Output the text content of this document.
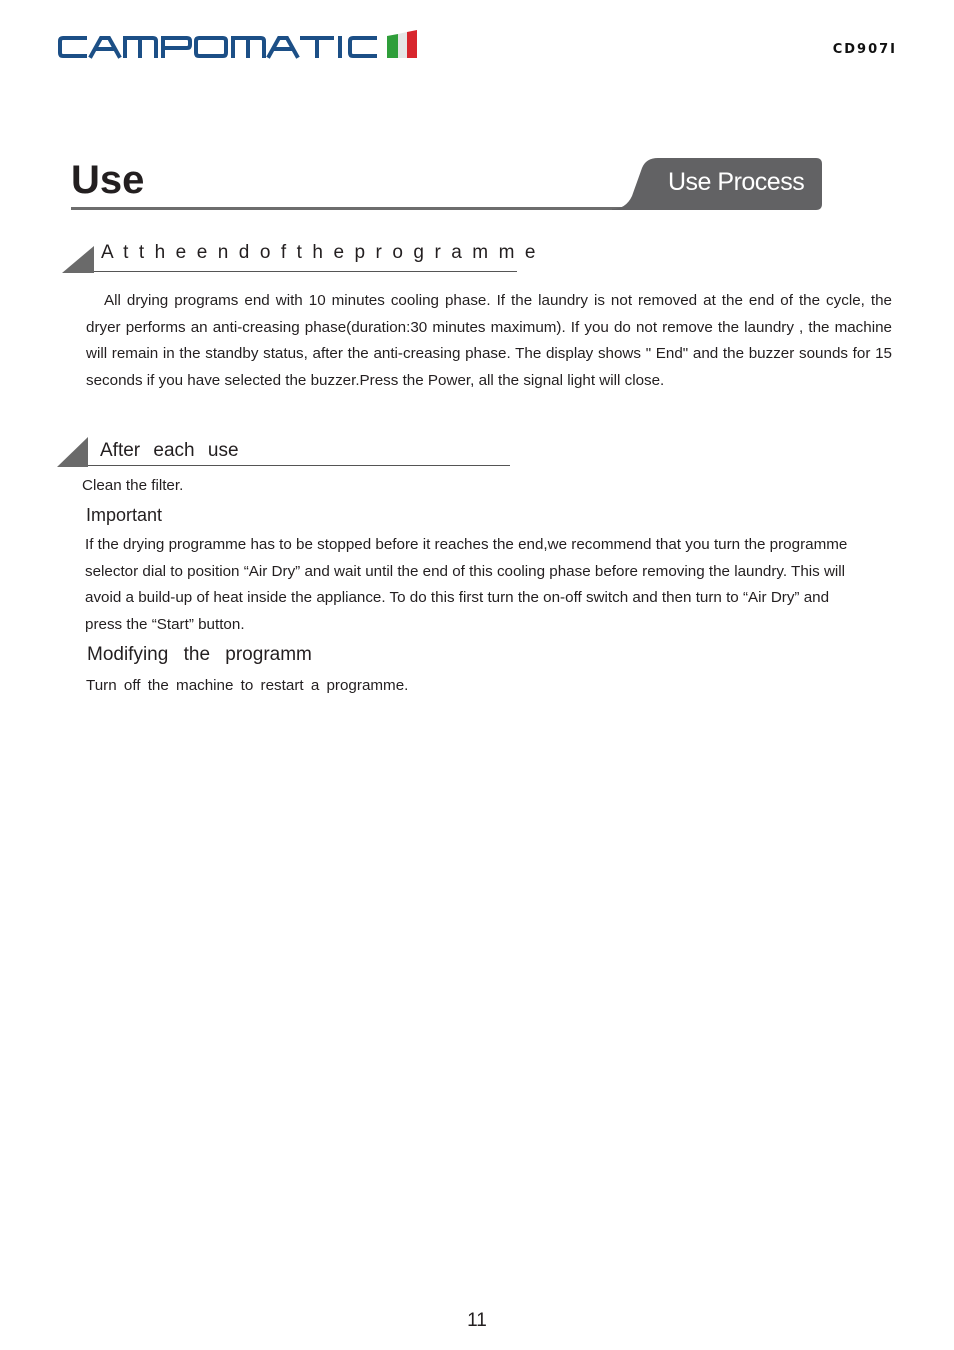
CD907I
Use	Use Process
A t t h e e n d o f t h e p r o g r a m m e
All drying programs end with 10 minutes cooling phase. If the laundry is not removed at the end of the cycle, the dryer performs an anti-creasing phase(duration:30 minutes maximum). If you do not remove the laundry , the machine will remain in the standby status, after the anti-creasing phase. The display shows " End" and the buzzer sounds for 15 seconds if you have selected the buzzer.Press the Power, all the signal light will close.
After each use
Clean the filter.
Important
If the drying programme has to be stopped before it reaches the end,we recommend that you turn the programme selector dial to position “Air Dry” and wait until the end of this cooling phase before removing the laundry. This will avoid a build-up of heat inside the appliance. To do this first turn the on-off switch and then turn to “Air Dry” and press the “Start” button.
Modifying the programm
Turn off the machine to restart a programme.
11
